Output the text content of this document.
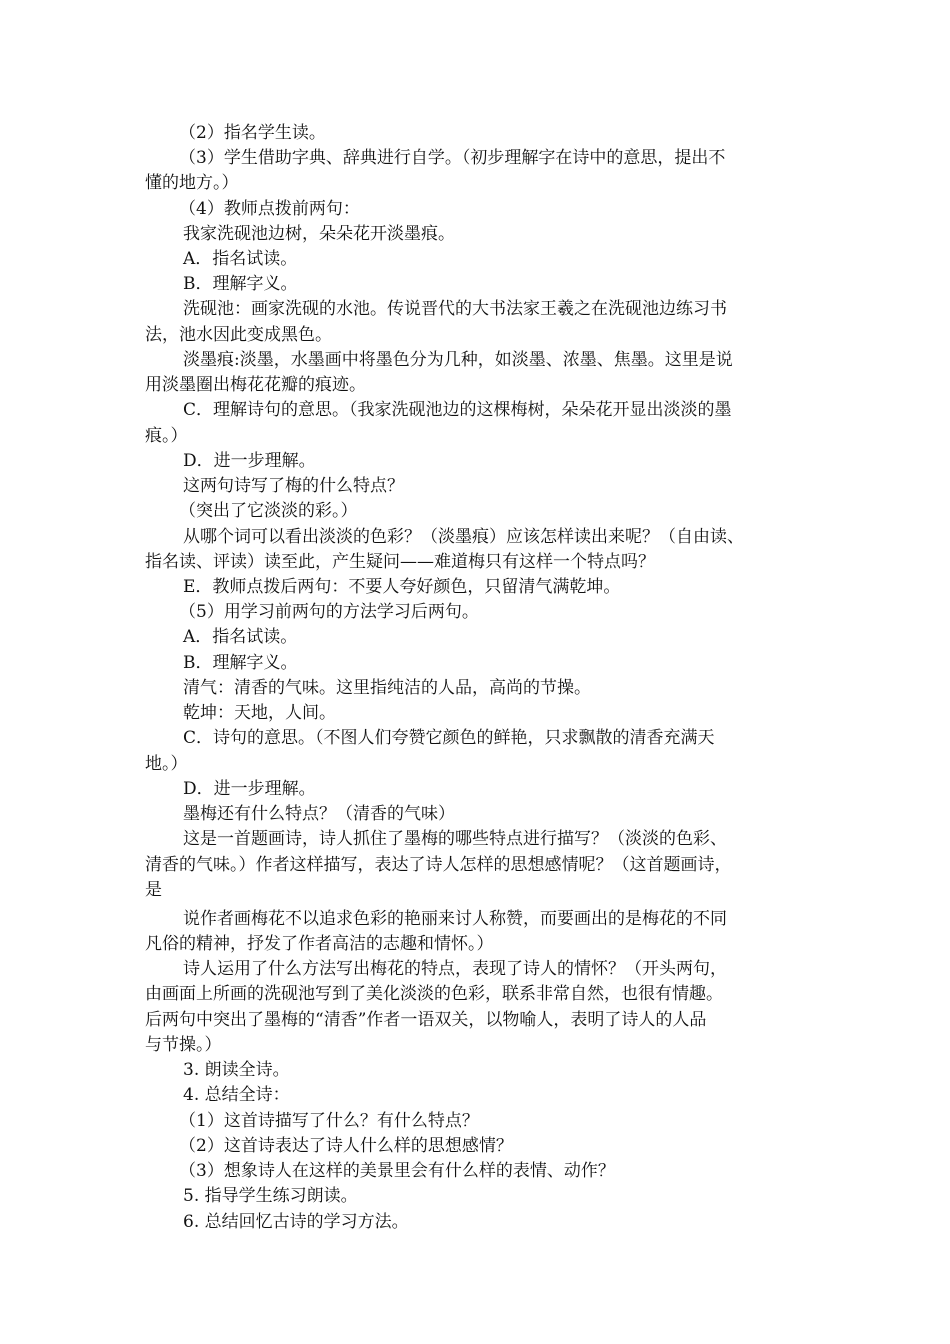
（2）指名学生读。
（3）学生借助字典、辞典进行自学。（初步理解字在诗中的意思，提出不
懂的地方。）
（4）教师点拨前两句：
我家洗砚池边树，朵朵花开淡墨痕。
A．指名试读。
B．理解字义。
洗砚池：画家洗砚的水池。传说晋代的大书法家王羲之在洗砚池边练习书
法，池水因此变成黑色。
淡墨痕:淡墨，水墨画中将墨色分为几种，如淡墨、浓墨、焦墨。这里是说
用淡墨圈出梅花花瓣的痕迹。
C．理解诗句的意思。（我家洗砚池边的这棵梅树，朵朵花开显出淡淡的墨
痕。）
D．进一步理解。
这两句诗写了梅的什么特点？
（突出了它淡淡的彩。）
从哪个词可以看出淡淡的色彩？（淡墨痕）应该怎样读出来呢？（自由读、
指名读、评读）读至此，产生疑问——难道梅只有这样一个特点吗？
E．教师点拨后两句：不要人夸好颜色，只留清气满乾坤。
（5）用学习前两句的方法学习后两句。
A．指名试读。
B．理解字义。
清气：清香的气味。这里指纯洁的人品，高尚的节操。
乾坤：天地，人间。
C．诗句的意思。（不图人们夸赞它颜色的鲜艳，只求飘散的清香充满天
地。）
D．进一步理解。
墨梅还有什么特点？（清香的气味）
这是一首题画诗，诗人抓住了墨梅的哪些特点进行描写？（淡淡的色彩、
清香的气味。）作者这样描写，表达了诗人怎样的思想感情呢？（这首题画诗，
是
说作者画梅花不以追求色彩的艳丽来讨人称赞，而要画出的是梅花的不同
凡俗的精神，抒发了作者高洁的志趣和情怀。）
诗人运用了什么方法写出梅花的特点，表现了诗人的情怀？（开头两句，
由画面上所画的洗砚池写到了美化淡淡的色彩，联系非常自然，也很有情趣。
后两句中突出了墨梅的“清香”作者一语双关，以物喻人，表明了诗人的人品
与节操。）
3. 朗读全诗。
4. 总结全诗：
（1）这首诗描写了什么？有什么特点？
（2）这首诗表达了诗人什么样的思想感情？
（3）想象诗人在这样的美景里会有什么样的表情、动作？
5. 指导学生练习朗读。
6. 总结回忆古诗的学习方法。
